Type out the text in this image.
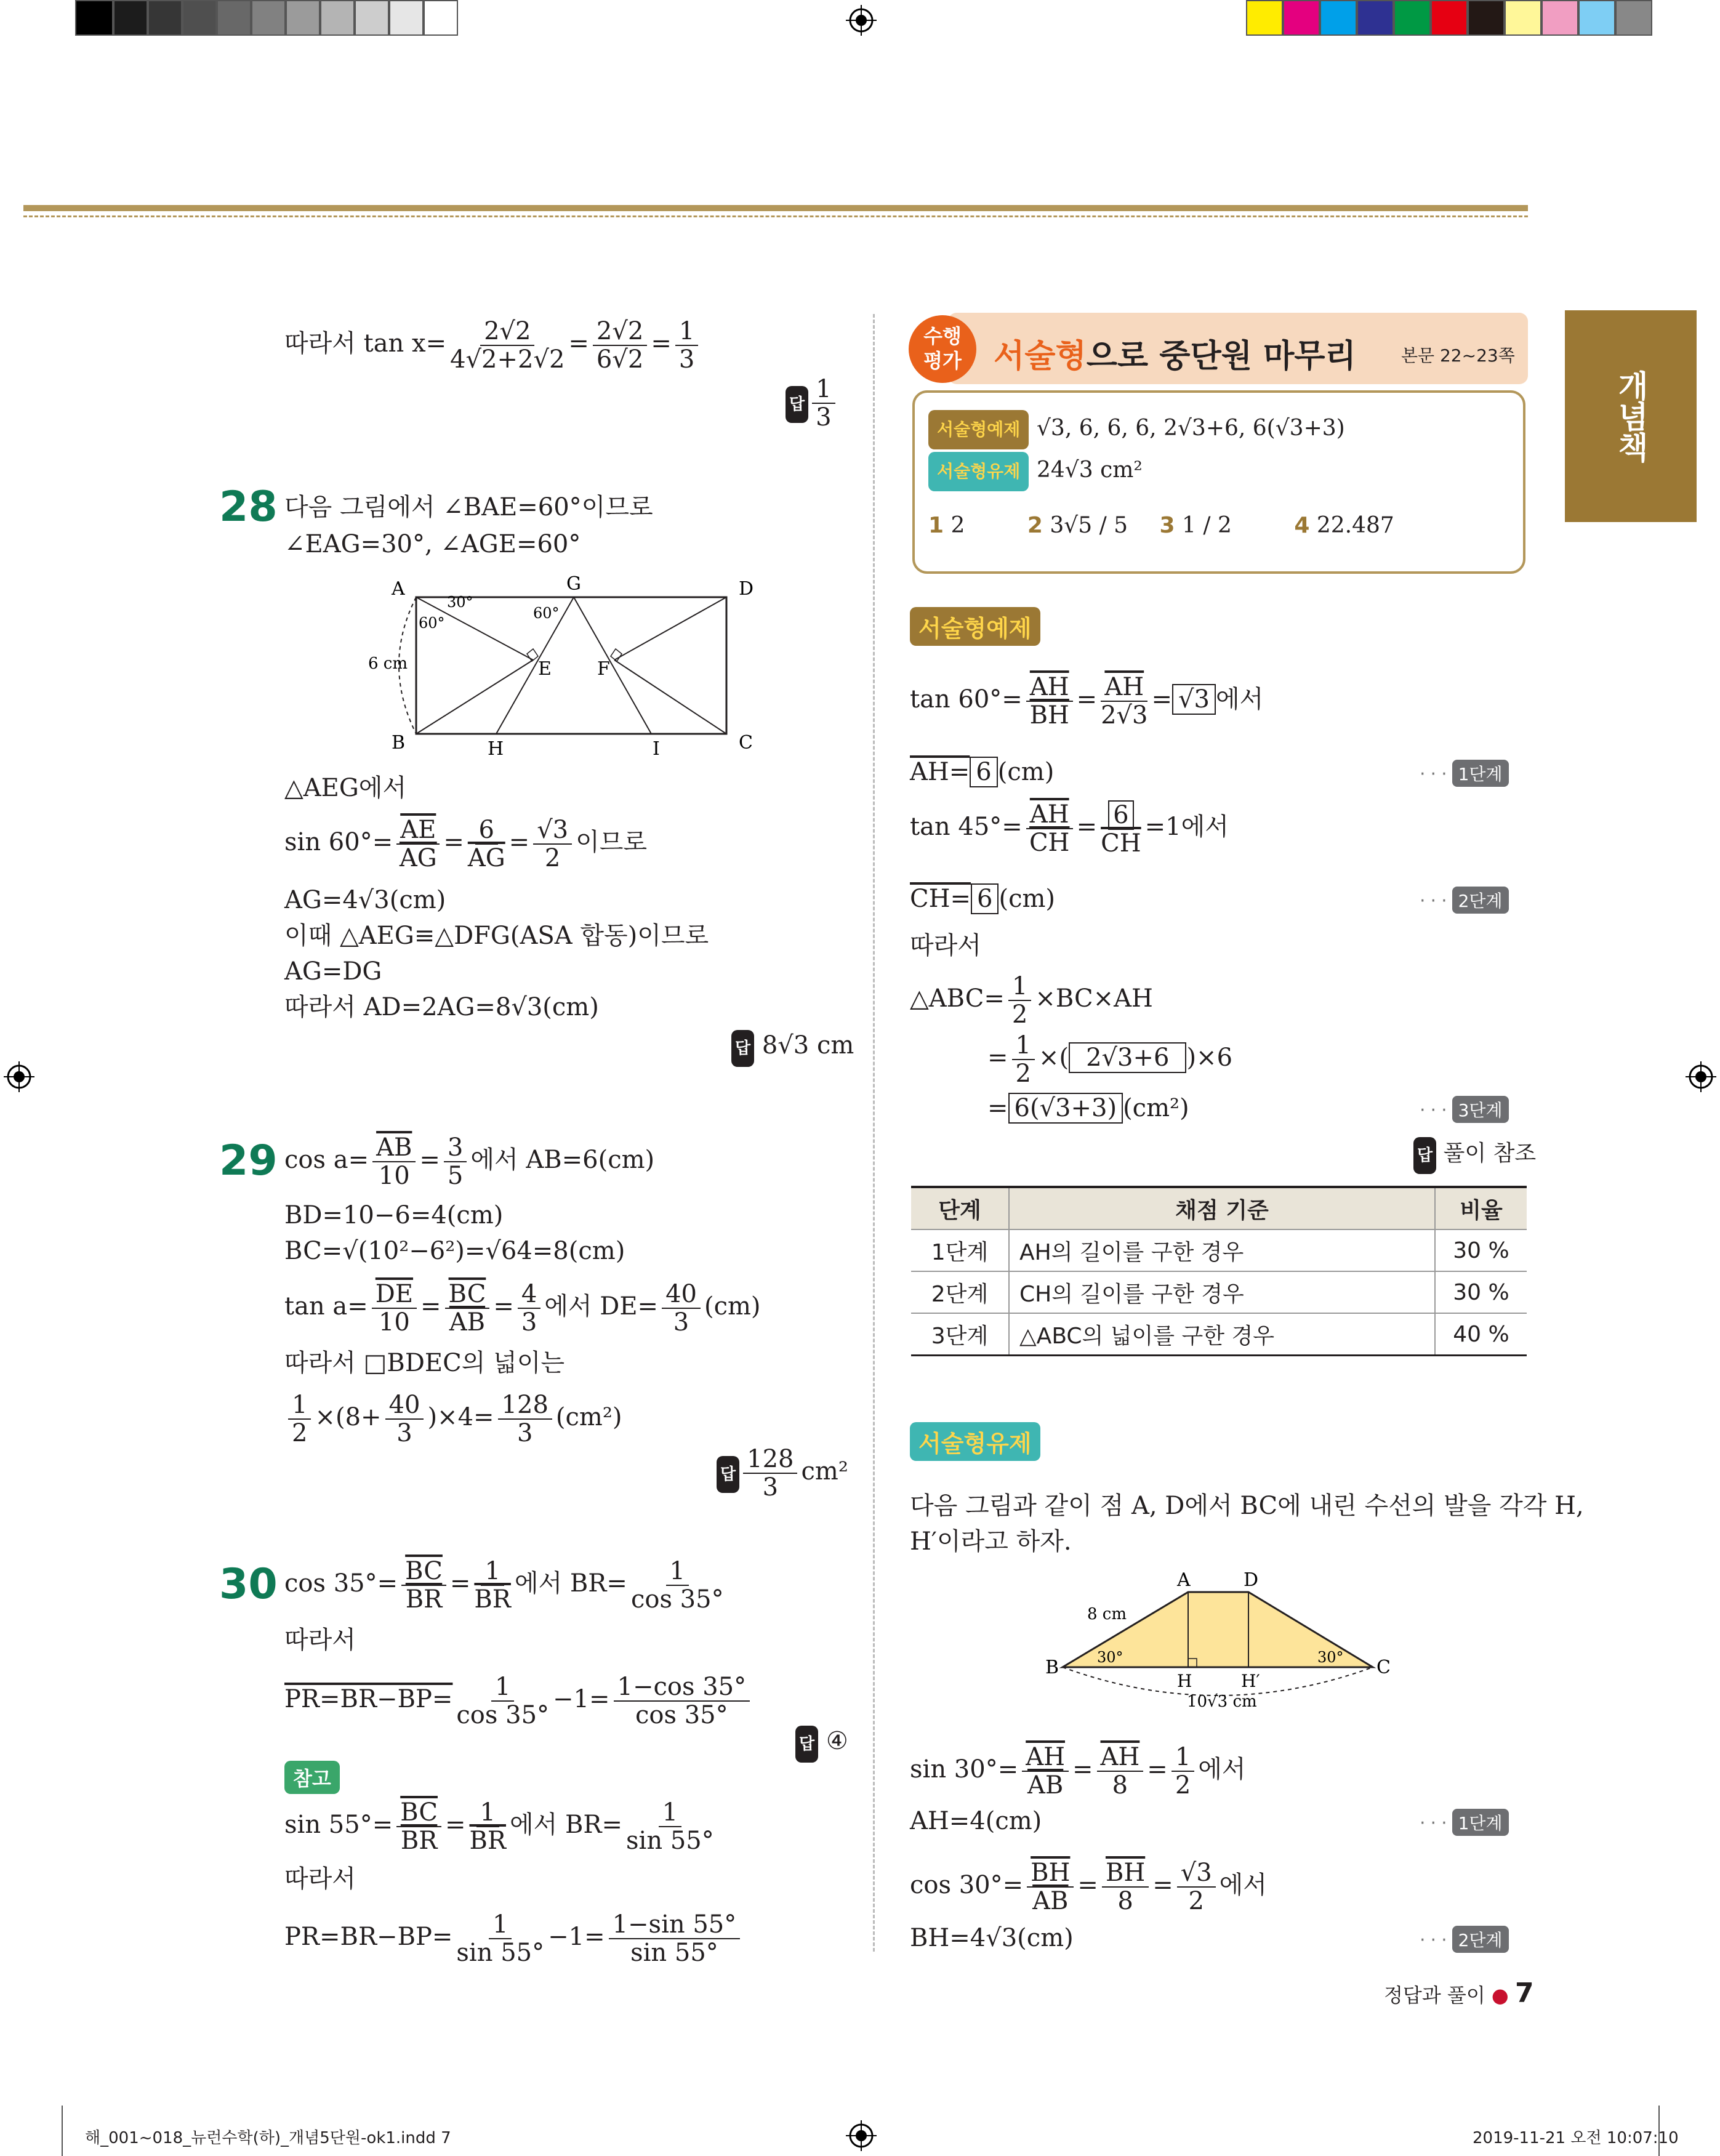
개념책
따라서 $\tan x= \frac{2√2}{4√2+2√2} = \frac{2√2}{6√2} = \frac{1}{3}$
답 $\frac{1}{3}$
28 다음 그림에서 ∠BAE=60°이므로
∠EAG=30°, ∠AGE=60°
A	G	D
B	H	I	C
E F
6 cm
30°
60°
60°
△AEG에서
$\sin 60^\circ= \frac{\overline{AE}}{AG} = \frac{6}{AG} = \frac{√3}{2}$ 이므로
AG=4√3(cm)
이때 △AEG≡△DFG(ASA 합동)이므로
AG=DG
따라서 AD=2AG=8√3(cm)
답 8√3 cm
29 $\cos a= \frac{\overline{AB}}{10} = \frac{3}{5}$ 에서 AB=6(cm)
BD=10−6=4(cm)
BC=√(10²−6²)=√64=8(cm)
$\tan a= \frac{\overline{DE}}{10} = \frac{\overline{BC}}{AB} = \frac{4}{3}$ 에서 $DE= \frac{40}{3} (cm)$
따라서 □BDEC의 넓이는
$\frac{1}{2} \times(8+ \frac{40}{3} )\times 4= \frac{128}{3} (cm^2)$
답 $\frac{128}{3} cm^2$
30 $\cos 35^\circ= \frac{\overline{BC}}{BR} = \frac{1}{BR}$ 에서 $BR= \frac{1}{\cos 35^\circ}$
따라서
$PR=BR-BP= \frac{1}{\cos 35^\circ} -1= \frac{1-\cos 35^\circ}{\cos 35^\circ}$
답 ④
참고
$\sin 55^\circ= \frac{\overline{BC}}{BR} = \frac{1}{BR}$ 에서 $BR= \frac{1}{\sin 55^\circ}$
따라서
$PR=BR-BP= \frac{1}{\sin 55^\circ} -1= \frac{1-\sin 55^\circ}{\sin 55^\circ}$
수행
평가	서술형으로 중단원 마무리	본문 22~23쪽
서술형예제 √3, 6, 6, 6, 2√3+6, 6(√3+3)
서술형유제 24√3 cm²
1 2	2 3√5 / 5 3 1 / 2	4 22.487
서술형예제
$\tan 60^\circ= \frac{\overline{AH}}{BH} = \frac{\overline{AH}}{2√3} = √3$ 에서
AH= 6 (cm)	··· 1단계
$\tan 45^\circ= \frac{\overline{AH}}{CH} = \frac{6}{CH} =1$에서
CH= 6 (cm)	··· 2단계
따라서
△ABC= $\frac{1}{2} \times BC\times AH$
= $\frac{1}{2}$ ×( 2√3+6 )×6
= 6(√3+3) (cm²)	··· 3단계
답 풀이 참조
단계	채점 기준	비율
1단계	AH의 길이를 구한 경우	30 %
2단계	CH의 길이를 구한 경우	30 %
3단계	△ABC의 넓이를 구한 경우	40 %
서술형유제
다음 그림과 같이 점 A, D에서 BC에 내린 수선의 발을 각각 H,
H′이라고 하자.
A	D
B	C
H	H′
8 cm
30°	30°
10√3 cm
$\sin 30^\circ= \frac{\overline{AH}}{AB} = \frac{\overline{AH}}{8} = \frac{1}{2}$ 에서
AH=4(cm)	··· 1단계
$\cos 30^\circ= \frac{\overline{BH}}{AB} = \frac{\overline{BH}}{8} = \frac{√3}{2}$ 에서
BH=4√3(cm)	··· 2단계
정답과 풀이 ● 7
해_001~018_뉴런수학(하)_개념5단원-ok1.indd 7	2019-11-21 오전 10:07:10
